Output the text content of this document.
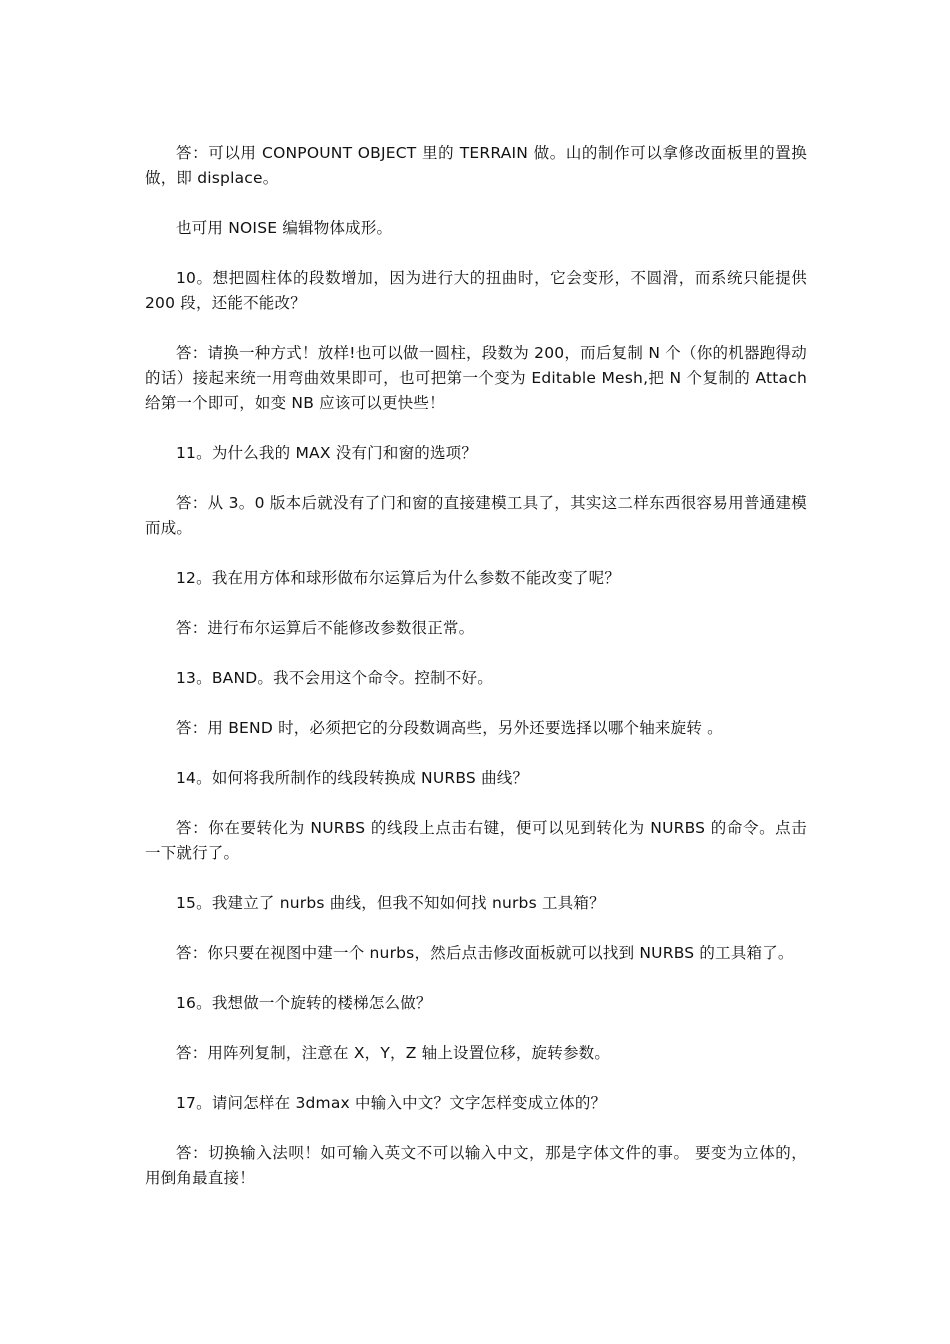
答：可以用 CONPOUNT OBJECT 里的 TERRAIN 做。山的制作可以拿修改面板里的置换做，即 displace。

也可用 NOISE 编辑物体成形。

10。想把圆柱体的段数增加，因为进行大的扭曲时，它会变形，不圆滑，而系统只能提供 200 段，还能不能改？

答：请换一种方式！放样!也可以做一圆柱，段数为 200，而后复制 N 个（你的机器跑得动的话）接起来统一用弯曲效果即可，也可把第一个变为 Editable Mesh,把 N 个复制的 Attach 给第一个即可，如变 NB 应该可以更快些！

11。为什么我的 MAX 没有门和窗的选项？

答：从 3。0 版本后就没有了门和窗的直接建模工具了，其实这二样东西很容易用普通建模而成。

12。我在用方体和球形做布尔运算后为什么参数不能改变了呢？

答：进行布尔运算后不能修改参数很正常。

13。BAND。我不会用这个命令。控制不好。

答：用 BEND 时，必须把它的分段数调高些，另外还要选择以哪个轴来旋转 。

14。如何将我所制作的线段转换成 NURBS 曲线？

答：你在要转化为 NURBS 的线段上点击右键，便可以见到转化为 NURBS 的命令。点击一下就行了。

15。我建立了 nurbs 曲线，但我不知如何找 nurbs 工具箱？

答：你只要在视图中建一个 nurbs，然后点击修改面板就可以找到 NURBS 的工具箱了。

16。我想做一个旋转的楼梯怎么做？

答：用阵列复制，注意在 X，Y，Z 轴上设置位移，旋转参数。

17。请问怎样在 3dmax 中输入中文？文字怎样变成立体的？

答：切换输入法呗！如可输入英文不可以输入中文，那是字体文件的事。 要变为立体的，用倒角最直接！
